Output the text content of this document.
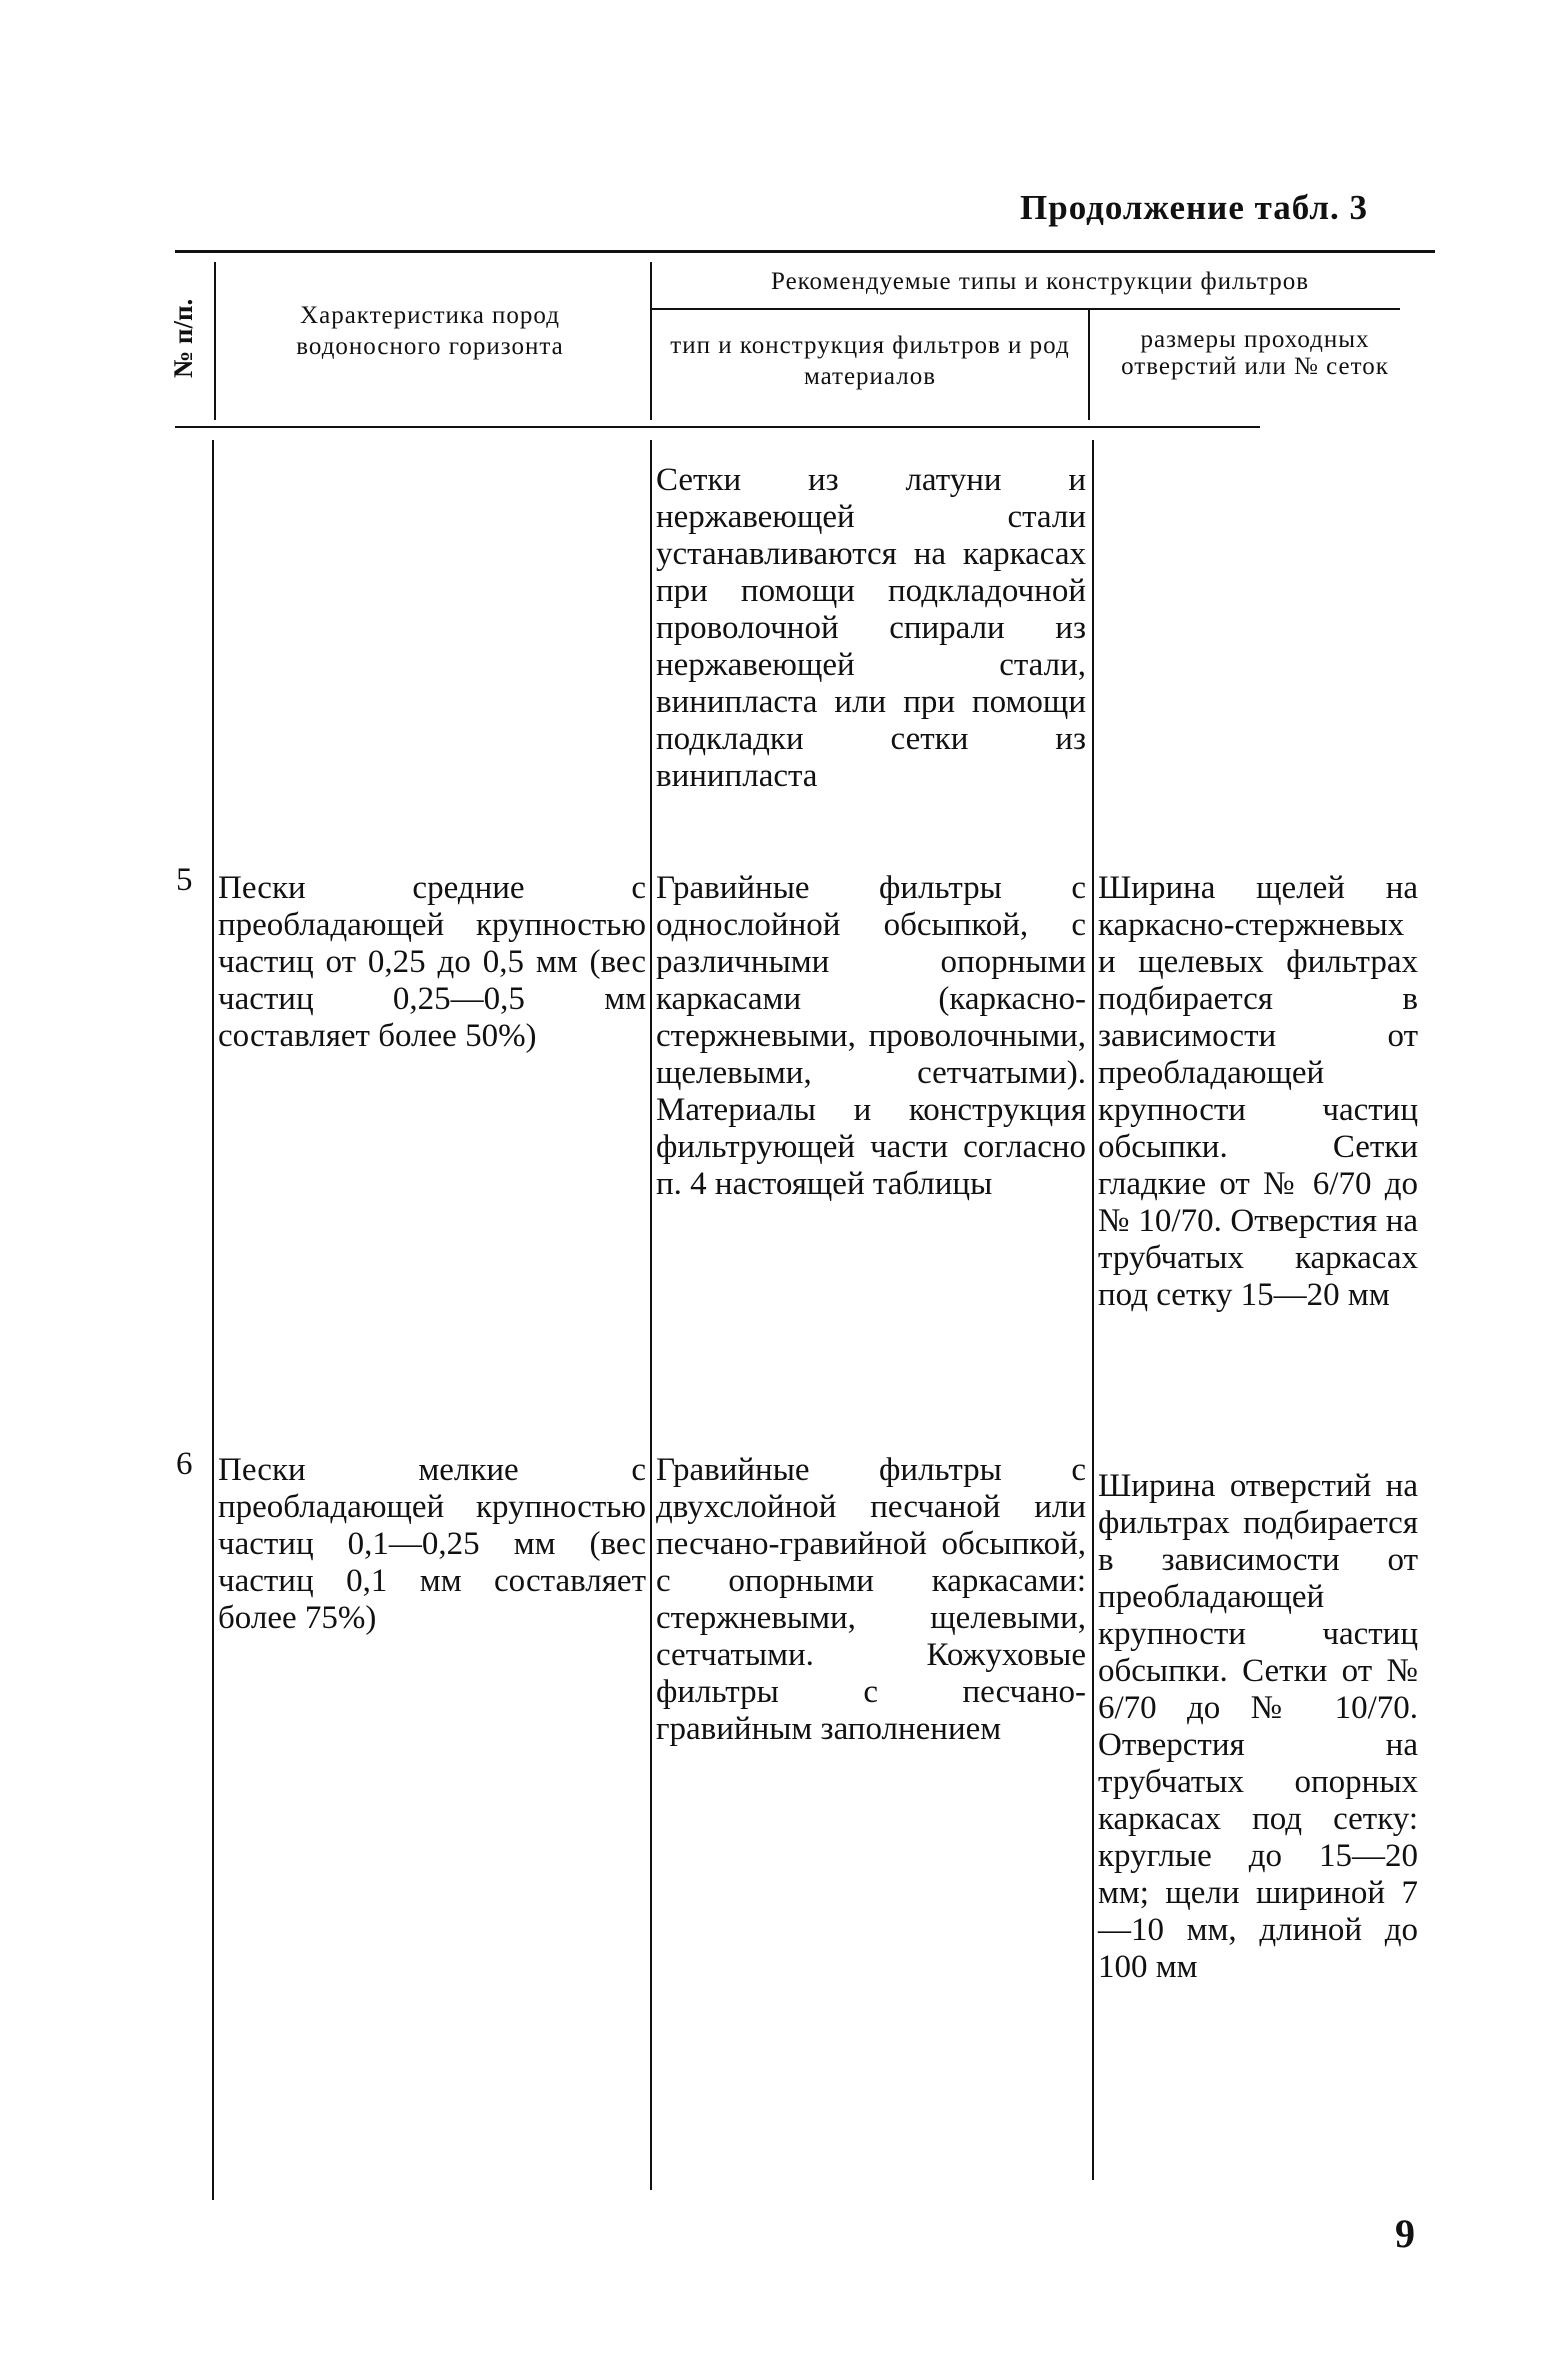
Продолжение табл. 3
№ п/п.	Характеристика пород водоносного горизонта
Рекомендуемые типы и конструкции фильтров
тип и конструкция фильтров и род материалов
размеры проходных отверстий или № сеток
Сетки из латуни и нержавеющей стали устанавливаются на каркасах при помощи подкладочной проволочной спирали из нержавеющей стали, винипласта или при помощи подкладки сетки из винипласта
5 Пески средние с преобладающей крупностью частиц от 0,25 до 0,5 мм (вес частиц 0,25—0,5 мм составляет более 50%)
Гравийные фильтры с однослойной обсыпкой, с различными опорными каркасами (каркасно-стержневыми, проволочными, щелевыми, сетчатыми). Материалы и конструкция фильтрующей части согласно п. 4 настоящей таблицы
Ширина щелей на каркасно-стержневых и щелевых фильтрах подбирается в зависимости от преобладающей крупности частиц обсыпки. Сетки гладкие от № 6/70 до № 10/70. Отверстия на трубчатых каркасах под сетку 15—20 мм
6 Пески мелкие с преобладающей крупностью частиц 0,1—0,25 мм (вес частиц 0,1 мм составляет более 75%)
Гравийные фильтры с двухслойной песчаной или песчано-гравийной обсыпкой, с опорными каркасами: стержневыми, щелевыми, сетчатыми. Кожуховые фильтры с песчано-гравийным заполнением
Ширина отверстий на фильтрах подбирается в зависимости от преобладающей крупности частиц обсыпки. Сетки от № 6/70 до № 10/70. Отверстия на трубчатых опорных каркасах под сетку: круглые до 15—20 мм; щели шириной 7—10 мм, длиной до 100 мм
9
